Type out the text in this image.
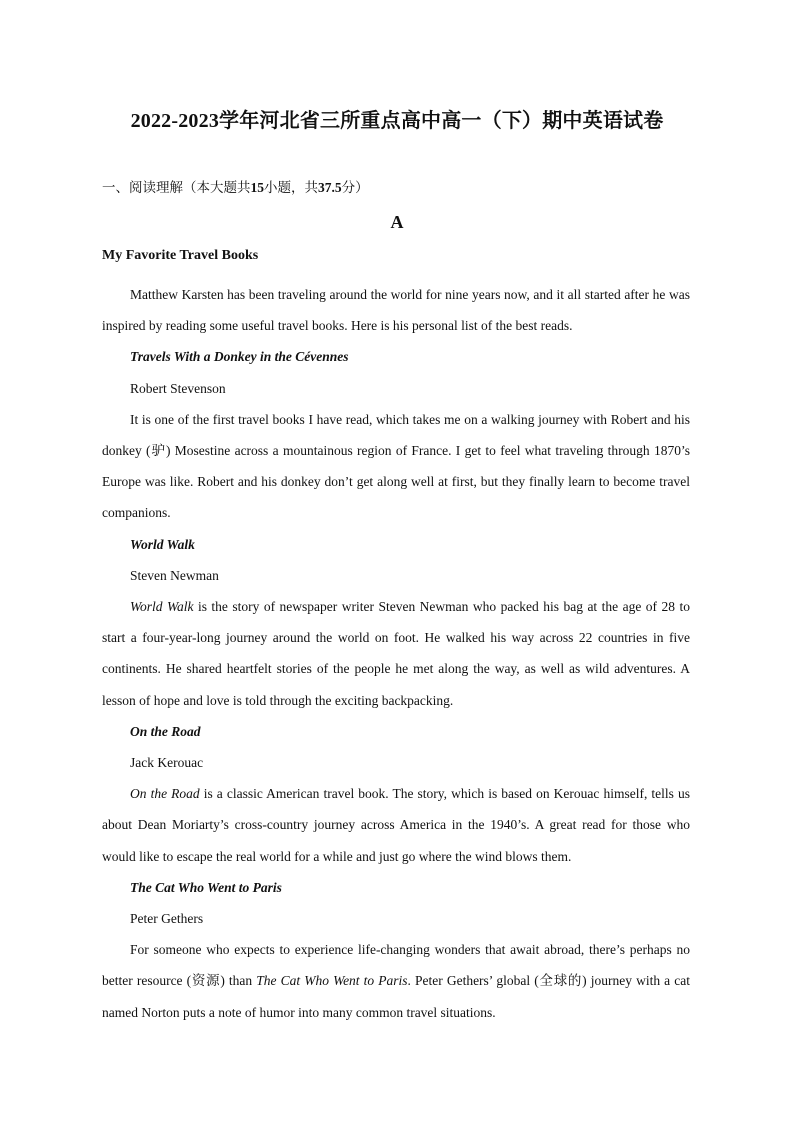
2022-2023学年河北省三所重点高中高一（下）期中英语试卷
一、阅读理解（本大题共15小题，共37.5分）
A
My Favorite Travel Books

Matthew Karsten has been traveling around the world for nine years now, and it all started after he was inspired by reading some useful travel books. Here is his personal list of the best reads.

Travels With a Donkey in the Cévennes
Robert Stevenson

It is one of the first travel books I have read, which takes me on a walking journey with Robert and his donkey (驴) Mosestine across a mountainous region of France. I get to feel what traveling through 1870’s Europe was like. Robert and his donkey don’t get along well at first, but they finally learn to become travel companions.

World Walk
Steven Newman

World Walk is the story of newspaper writer Steven Newman who packed his bag at the age of 28 to start a four-year-long journey around the world on foot. He walked his way across 22 countries in five continents. He shared heartfelt stories of the people he met along the way, as well as wild adventures. A lesson of hope and love is told through the exciting backpacking.

On the Road
Jack Kerouac

On the Road is a classic American travel book. The story, which is based on Kerouac himself, tells us about Dean Moriarty’s cross-country journey across America in the 1940’s. A great read for those who would like to escape the real world for a while and just go where the wind blows them.

The Cat Who Went to Paris
Peter Gethers

For someone who expects to experience life-changing wonders that await abroad, there’s perhaps no better resource (资源) than The Cat Who Went to Paris. Peter Gethers’ global (全球的) journey with a cat named Norton puts a note of humor into many common travel situations.
